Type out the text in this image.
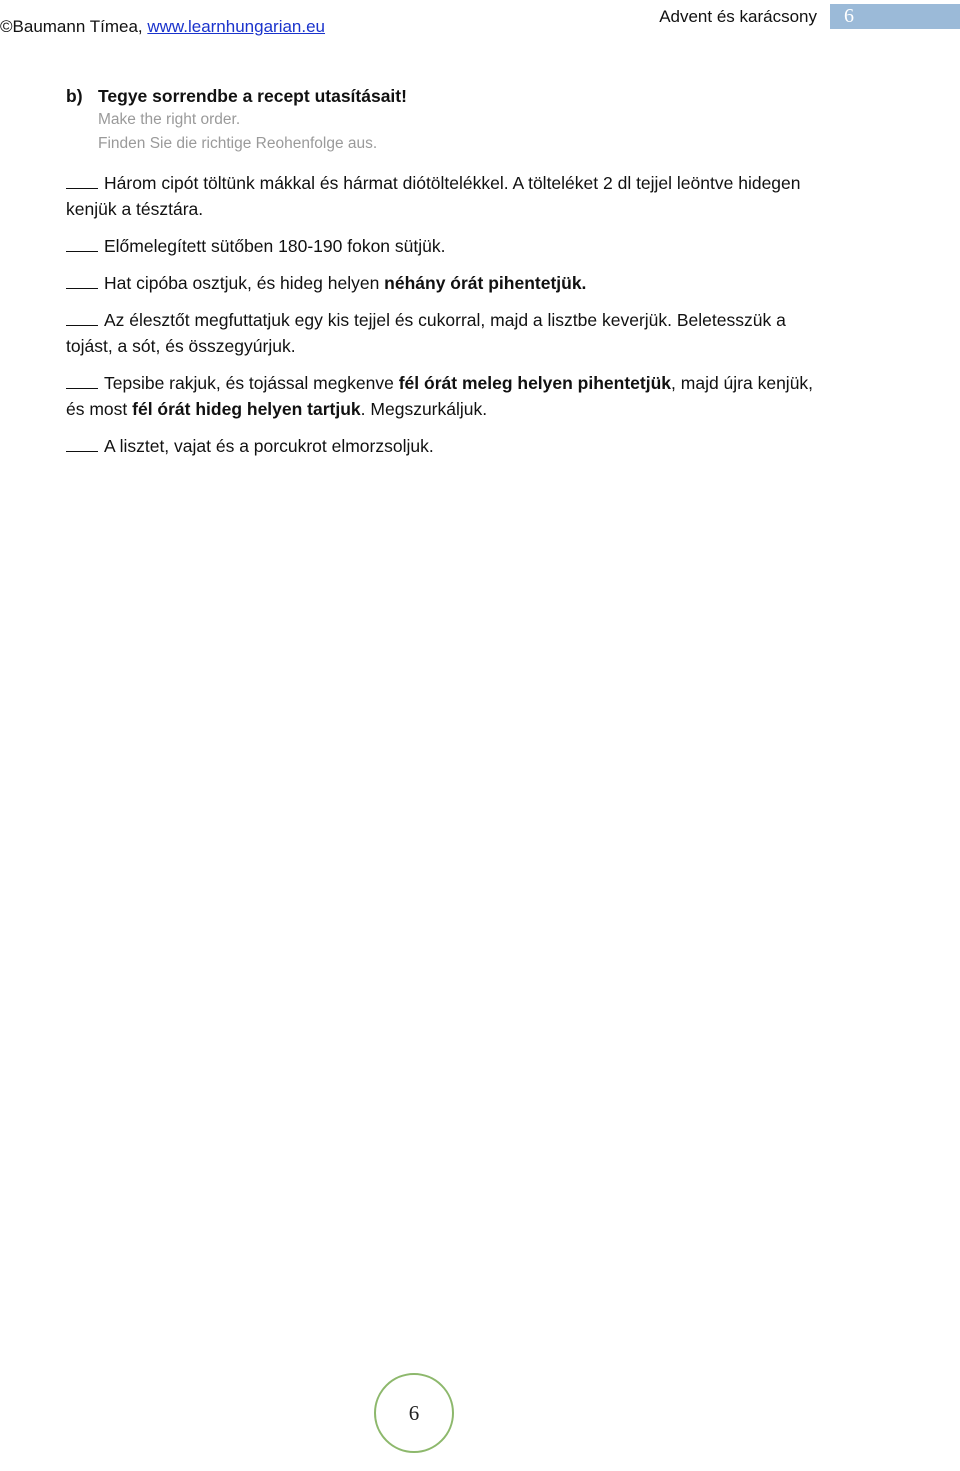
©Baumann Tímea, www.learnhungarian.eu
Advent és karácsony	6
b) Tegye sorrendbe a recept utasításait!
Make the right order.
Finden Sie die richtige Reohenfolge aus.
Három cipót töltünk mákkal és hármat diótöltelékkel. A tölteléket 2 dl tejjel leöntve hidegen kenjük a tésztára.
Előmelegített sütőben 180-190 fokon sütjük.
Hat cipóba osztjuk, és hideg helyen néhány órát pihentetjük.
Az élesztőt megfuttatjuk egy kis tejjel és cukorral, majd a lisztbe keverjük. Beletesszük a tojást, a sót, és összegyúrjuk.
Tepsibe rakjuk, és tojással megkenve fél órát meleg helyen pihentetjük, majd újra kenjük, és most fél órát hideg helyen tartjuk. Megszurkáljuk.
A lisztet, vajat és a porcukrot elmorzsoljuk.
6
